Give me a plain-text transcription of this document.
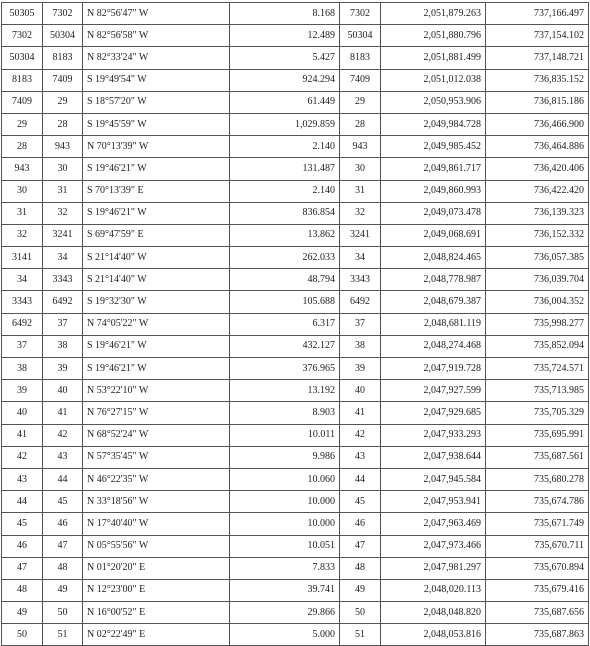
50305	7302	N 82°56'47" W	8.168	7302	2,051,879.263	737,166.497
7302	50304	N 82°56'58" W	12.489	50304	2,051,880.796	737,154.102
50304	8183	N 82°33'24" W	5.427	8183	2,051,881.499	737,148.721
8183	7409	S 19°49'54" W	924.294	7409	2,051,012.038	736,835.152
7409	29	S 18°57'20" W	61.449	29	2,050,953.906	736,815.186
29	28	S 19°45'59" W	1,029.859	28	2,049,984.728	736,466.900
28	943	N 70°13'39" W	2.140	943	2,049,985.452	736,464.886
943	30	S 19°46'21" W	131.487	30	2,049,861.717	736,420.406
30	31	S 70°13'39" E	2.140	31	2,049,860.993	736,422.420
31	32	S 19°46'21" W	836.854	32	2,049,073.478	736,139.323
32	3241	S 69°47'59" E	13.862	3241	2,049,068.691	736,152.332
3141	34	S 21°14'40" W	262.033	34	2,048,824.465	736,057.385
34	3343	S 21°14'40" W	48.794	3343	2,048,778.987	736,039.704
3343	6492	S 19°32'30" W	105.688	6492	2,048,679.387	736,004.352
6492	37	N 74°05'22" W	6.317	37	2,048,681.119	735,998.277
37	38	S 19°46'21" W	432.127	38	2,048,274.468	735,852.094
38	39	S 19°46'21" W	376.965	39	2,047,919.728	735,724.571
39	40	N 53°22'10" W	13.192	40	2,047,927.599	735,713.985
40	41	N 76°27'15" W	8.903	41	2,047,929.685	735,705.329
41	42	N 68°52'24" W	10.011	42	2,047,933.293	735,695.991
42	43	N 57°35'45" W	9.986	43	2,047,938.644	735,687.561
43	44	N 46°22'35" W	10.060	44	2,047,945.584	735,680.278
44	45	N 33°18'56" W	10.000	45	2,047,953.941	735,674.786
45	46	N 17°40'40" W	10.000	46	2,047,963.469	735,671.749
46	47	N 05°55'56" W	10.051	47	2,047,973.466	735,670.711
47	48	N 01°20'20" E	7.833	48	2,047,981.297	735,670.894
48	49	N 12°23'00" E	39.741	49	2,048,020.113	735,679.416
49	50	N 16°00'52" E	29.866	50	2,048,048.820	735,687.656
50	51	N 02°22'49" E	5.000	51	2,048,053.816	735,687.863
